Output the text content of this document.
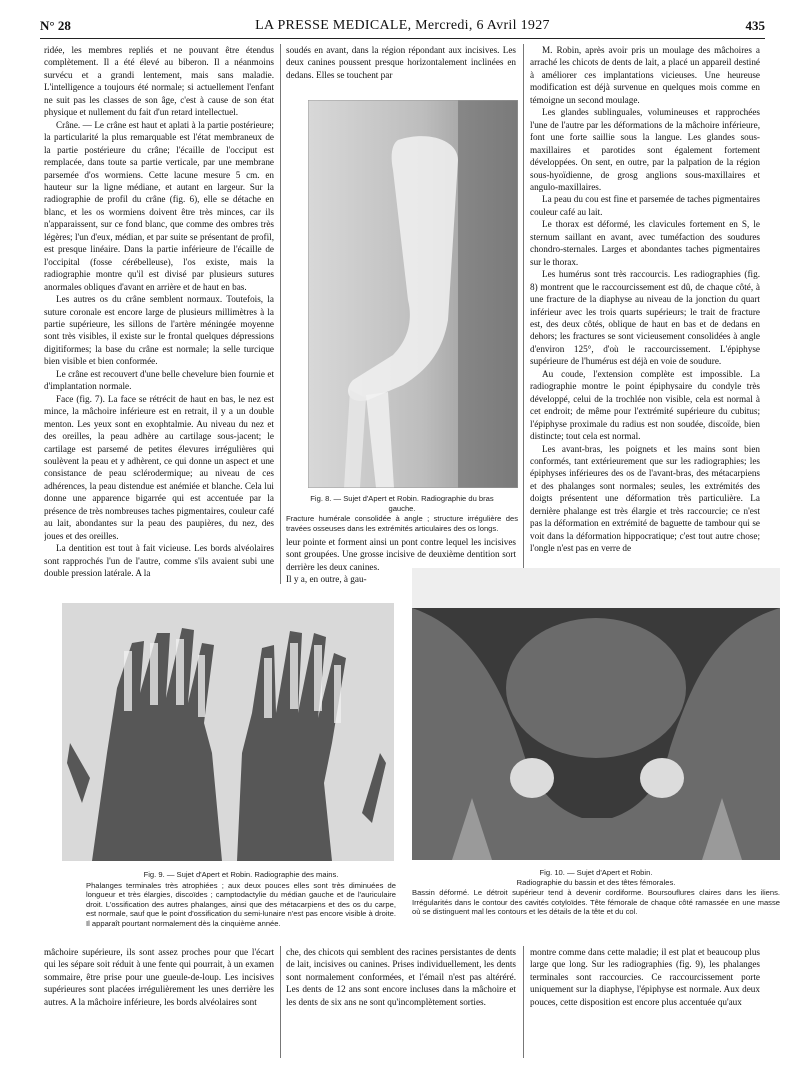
N° 28	LA PRESSE MEDICALE, Mercredi, 6 Avril 1927	435

ridée, les membres repliés et ne pouvant être étendus complètement. Il a été élevé au biberon. Il a néanmoins survécu et a grandi lentement, mais sans maladie. L'intelligence a toujours été normale; si actuellement l'enfant ne suit pas les classes de son âge, c'est à cause de son état physique et nullement du fait d'un retard intellectuel.

Crâne. — Le crâne est haut et aplati à la partie postérieure; la particularité la plus remarquable est l'état membraneux de la partie postérieure du crâne; l'écaille de l'occiput est remplacée, dans toute sa partie verticale, par une membrane parsemée d'os wormiens. Cette lacune mesure 5 cm. en hauteur sur la ligne médiane, et autant en largeur. Sur la radiographie de profil du crâne (fig. 6), elle se détache en blanc, et les os wormiens doivent être très minces, car ils n'apparaissent, sur ce fond blanc, que comme des ombres très légères; l'un d'eux, médian, et par suite se présentant de profil, est presque linéaire. Dans la partie inférieure de l'écaille de l'occipital (fosse cérébelleuse), l'os existe, mais la radiographie montre qu'il est divisé par plusieurs sutures anormales obliques d'avant en arrière et de haut en bas.

Les autres os du crâne semblent normaux. Toutefois, la suture coronale est encore large de plusieurs millimètres à la partie supérieure, les sillons de l'artère méningée moyenne sont très visibles, il existe sur le frontal quelques dépressions digitiformes; la base du crâne est normale; la selle turcique bien visible et bien conformée.

Le crâne est recouvert d'une belle chevelure bien fournie et d'implantation normale.

Face (fig. 7). La face se rétrécit de haut en bas, le nez est mince, la mâchoire inférieure est en retrait, il y a un double menton. Les yeux sont en exophtalmie. Au niveau du nez et des oreilles, la peau adhère au cartilage sous-jacent; le cartilage est parsemé de petites élevures irrégulières qui soulèvent la peau et y adhèrent, ce qui donne un aspect et une consistance de peau sclérodermique; au niveau de ces adhérences, la peau distendue est anémiée et blanche. Cela lui donne une apparence bigarrée qui est accentuée par la présence de très nombreuses taches pigmentaires, couleur café au lait, abondantes sur la peau des paupières, du nez, des joues et des oreilles.

La dentition est tout à fait vicieuse. Les bords alvéolaires sont rapprochés l'un de l'autre, comme s'ils avaient subi une double pression latérale. A la

soudés en avant, dans la région répondant aux incisives. Les deux canines poussent presque horizontalement inclinées en dedans. Elles se touchent par

Fig. 8. — Sujet d'Apert et Robin. Radiographie du bras gauche.
Fracture humérale consolidée à angle ; structure irrégulière des travées osseuses dans les extrémités articulaires des os longs.

leur pointe et forment ainsi un pont contre lequel les incisives sont groupées. Une grosse incisive de deuxième dentition sort derrière les deux canines.

Il y a, en outre, à gau-

M. Robin, après avoir pris un moulage des mâchoires a arraché les chicots de dents de lait, a placé un appareil destiné à améliorer ces implantations vicieuses. Une heureuse modification est déjà survenue en quelques mois comme en témoigne un second moulage.

Les glandes sublinguales, volumineuses et rapprochées l'une de l'autre par les déformations de la mâchoire inférieure, font une forte saillie sous la langue. Les glandes sous-maxillaires et parotides sont également fortement développées. On sent, en outre, par la palpation de la région sous-hyoïdienne, de grosg anglions sous-maxillaires et angulo-maxillaires.

La peau du cou est fine et parsemée de taches pigmentaires couleur café au lait.

Le thorax est déformé, les clavicules fortement en S, le sternum saillant en avant, avec tuméfaction des soudures chondro-sternales. Larges et abondantes taches pigmentaires sur le thorax.

Les humérus sont très raccourcis. Les radiographies (fig. 8) montrent que le raccourcissement est dû, de chaque côté, à une fracture de la diaphyse au niveau de la jonction du quart inférieur avec les trois quarts supérieurs; le trait de fracture est, des deux côtés, oblique de haut en bas et de dedans en dehors; les fractures se sont vicieusement consolidées à angle d'environ 125°, d'où le raccourcissement. L'épiphyse supérieure de l'humérus est déjà en voie de soudure.

Au coude, l'extension complète est impossible. La radiographie montre le point épiphysaire du condyle très développé, celui de la trochlée non visible, cela est normal à cet endroit; de même pour l'extrémité supérieure du cubitus; l'épiphyse proximale du radius est non soudée, discoïde, bien distincte; tout cela est normal.

Les avant-bras, les poignets et les mains sont bien conformés, tant extérieurement que sur les radiographies; les épiphyses inférieures des os de l'avant-bras, des métacarpiens et des phalanges sont normales; seules, les extrémités des doigts présentent une déformation très particulière. La dernière phalange est très élargie et très raccourcie; ce n'est pas la déformation en extrémité de baguette de tambour qui se voit dans la déformation hippocratique; c'est tout autre chose; l'ongle n'est pas en verre de

Fig. 9. — Sujet d'Apert et Robin. Radiographie des mains.
Phalanges terminales très atrophiées ; aux deux pouces elles sont très diminuées de longueur et très élargies, discoïdes ; camptodactylie du médian gauche et de l'auriculaire droit. L'ossification des autres phalanges, ainsi que des métacarpiens et des os du carpe, est normale, sauf que le point d'ossification du semi-lunaire n'est pas encore visible à droite. Il apparaît pourtant normalement dès la cinquième année.
Fig. 10. — Sujet d'Apert et Robin.
Radiographie du bassin et des têtes fémorales.
Bassin déformé. Le détroit supérieur tend à devenir cordiforme. Boursouflures claires dans les iliens. Irrégularités dans le contour des cavités cotyloïdes. Tête fémorale de chaque côté ramassée en une masse où se distinguent mal les contours et les détails de la tête et du col.

mâchoire supérieure, ils sont assez proches pour que l'écart qui les sépare soit réduit à une fente qui pourrait, à un examen sommaire, être prise pour une gueule-de-loup. Les incisives supérieures sont placées irrégulièrement les unes derrière les autres. A la mâchoire inférieure, les bords alvéolaires sont

che, des chicots qui semblent des racines persistantes de dents de lait, incisives ou canines. Prises individuellement, les dents sont normalement conformées, et l'émail n'est pas altéréré. Les dents de 12 ans sont encore incluses dans la mâchoire et les dents de six ans ne sont qu'incomplètement sorties.

montre comme dans cette maladie; il est plat et beaucoup plus large que long. Sur les radiographies (fig. 9), les phalanges terminales sont raccourcies. Ce raccourcissement porte uniquement sur la diaphyse, l'épiphyse est normale. Aux deux pouces, cette disposition est encore plus accentuée qu'aux
